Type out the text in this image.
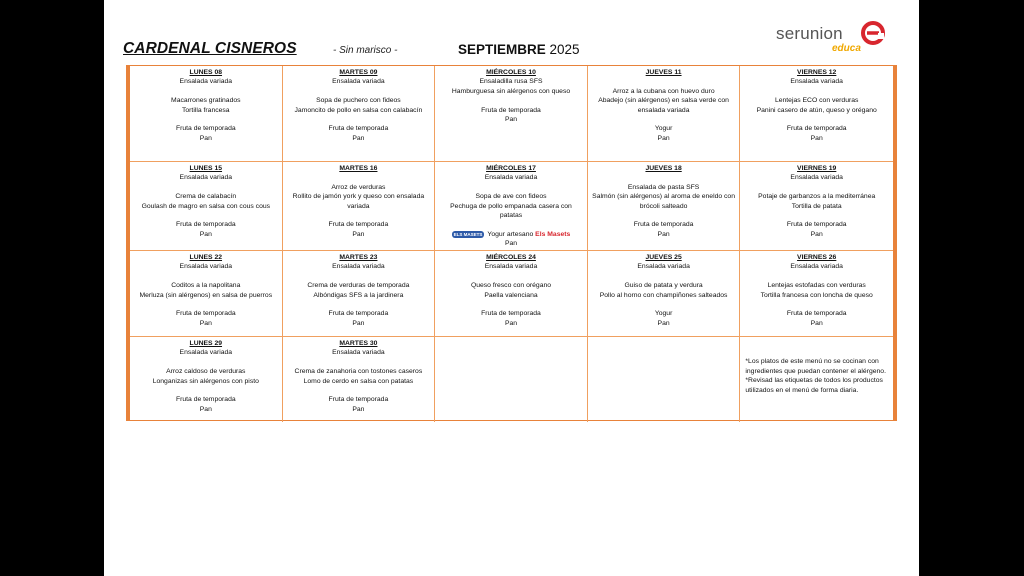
CARDENAL CISNEROS	- Sin marisco -	SEPTIEMBRE 2025
serunion
educa
LUNES 08
Ensalada variada
Macarrones gratinados
Tortilla francesa
Fruta de temporada
Pan
MARTES 09
Ensalada variada
Sopa de puchero con fideos
Jamoncito de pollo en salsa con calabacín
Fruta de temporada
Pan
MIÉRCOLES 10
Ensaladilla rusa SFS
Hamburguesa sin alérgenos con queso
Fruta de temporada
Pan
JUEVES 11
Arroz a la cubana con huevo duro
Abadejo (sin alérgenos) en salsa verde con ensalada variada
Yogur
Pan
VIERNES 12
Ensalada variada
Lentejas ECO con verduras
Panini casero de atún, queso y orégano
Fruta de temporada
Pan
LUNES 15
Ensalada variada
Crema de calabacín
Goulash de magro en salsa con cous cous
Fruta de temporada
Pan
MARTES 16
Arroz de verduras
Rollito de jamón york y queso con ensalada variada
Fruta de temporada
Pan
MIÉRCOLES 17
Ensalada variada
Sopa de ave con fideos
Pechuga de pollo empanada casera con patatas
ELS MASETS Yogur artesano Els Masets
Pan
JUEVES 18
Ensalada de pasta SFS
Salmón (sin alérgenos) al aroma de eneldo con brócoli salteado
Fruta de temporada
Pan
VIERNES 19
Ensalada variada
Potaje de garbanzos a la mediterránea
Tortilla de patata
Fruta de temporada
Pan
LUNES 22
Ensalada variada
Coditos a la napolitana
Merluza (sin alérgenos) en salsa de puerros
Fruta de temporada
Pan
MARTES 23
Ensalada variada
Crema de verduras de temporada
Albóndigas SFS a la jardinera
Fruta de temporada
Pan
MIÉRCOLES 24
Ensalada variada
Queso fresco con orégano
Paella valenciana
Fruta de temporada
Pan
JUEVES 25
Ensalada variada
Guiso de patata y verdura
Pollo al horno con champiñones salteados
Yogur
Pan
VIERNES 26
Ensalada variada
Lentejas estofadas con verduras
Tortilla francesa con loncha de queso
Fruta de temporada
Pan
LUNES 29
Ensalada variada
Arroz caldoso de verduras
Longanizas sin alérgenos con pisto
Fruta de temporada
Pan
MARTES 30
Ensalada variada
Crema de zanahoria con tostones caseros
Lomo de cerdo en salsa con patatas
Fruta de temporada
Pan
*Los platos de este menú no se cocinan con ingredientes que puedan contener el alérgeno.
*Revisad las etiquetas de todos los productos utilizados en el menú de forma diaria.
